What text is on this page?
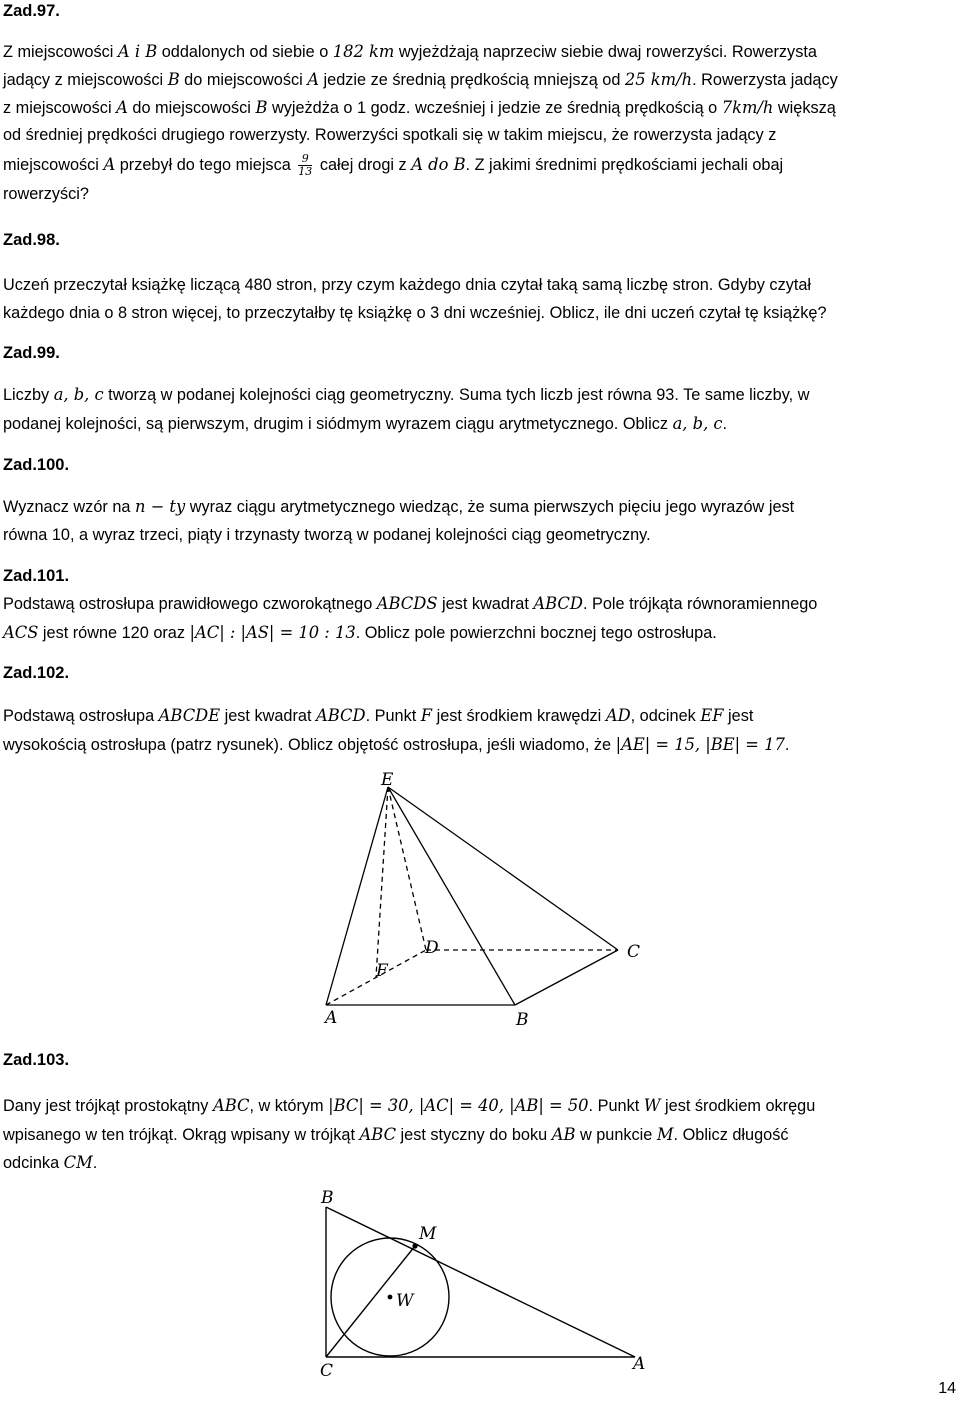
Zad.97.

Z miejscowości A i B oddalonych od siebie o 182 km wyjeżdżają naprzeciw siebie dwaj rowerzyści. Rowerzysta

jadący z miejscowości B do miejscowości A jedzie ze średnią prędkością mniejszą od 25 km/h. Rowerzysta jadący

z miejscowości A do miejscowości B wyjeżdża o 1 godz. wcześniej i jedzie ze średnią prędkością o 7km/h większą

od średniej prędkości drugiego rowerzysty. Rowerzyści spotkali się w takim miejscu, że rowerzysta jadący z

miejscowości A przebył do tego miejsca $\frac{9}{13}$ całej drogi z A do B. Z jakimi średnimi prędkościami jechali obaj

rowerzyści?

Zad.98.

Uczeń przeczytał książkę liczącą 480 stron, przy czym każdego dnia czytał taką samą liczbę stron. Gdyby czytał

każdego dnia o 8 stron więcej, to przeczytałby tę książkę o 3 dni wcześniej. Oblicz, ile dni uczeń czytał tę książkę?

Zad.99.

Liczby a, b, c tworzą w podanej kolejności ciąg geometryczny. Suma tych liczb jest równa 93. Te same liczby, w

podanej kolejności, są pierwszym, drugim i siódmym wyrazem ciągu arytmetycznego. Oblicz a, b, c.

Zad.100.

Wyznacz wzór na n − ty wyraz ciągu arytmetycznego wiedząc, że suma pierwszych pięciu jego wyrazów jest

równa 10, a wyraz trzeci, piąty i trzynasty tworzą w podanej kolejności ciąg geometryczny.

Zad.101.

Podstawą ostrosłupa prawidłowego czworokątnego ABCDS jest kwadrat ABCD. Pole trójkąta równoramiennego

ACS jest równe 120 oraz |AC| : |AS| = 10 : 13. Oblicz pole powierzchni bocznej tego ostrosłupa.

Zad.102.

Podstawą ostrosłupa ABCDE jest kwadrat ABCD. Punkt F jest środkiem krawędzi AD, odcinek EF jest

wysokością ostrosłupa (patrz rysunek). Oblicz objętość ostrosłupa, jeśli wiadomo, że |AE| = 15, |BE| = 17.

E
D	C
F
A	B
Zad.103.

Dany jest trójkąt prostokątny ABC, w którym |BC| = 30, |AC| = 40, |AB| = 50. Punkt W jest środkiem okręgu

wpisanego w ten trójkąt. Okrąg wpisany w trójkąt ABC jest styczny do boku AB w punkcie M. Oblicz długość

odcinka CM.

B
M
W
C	A
14
